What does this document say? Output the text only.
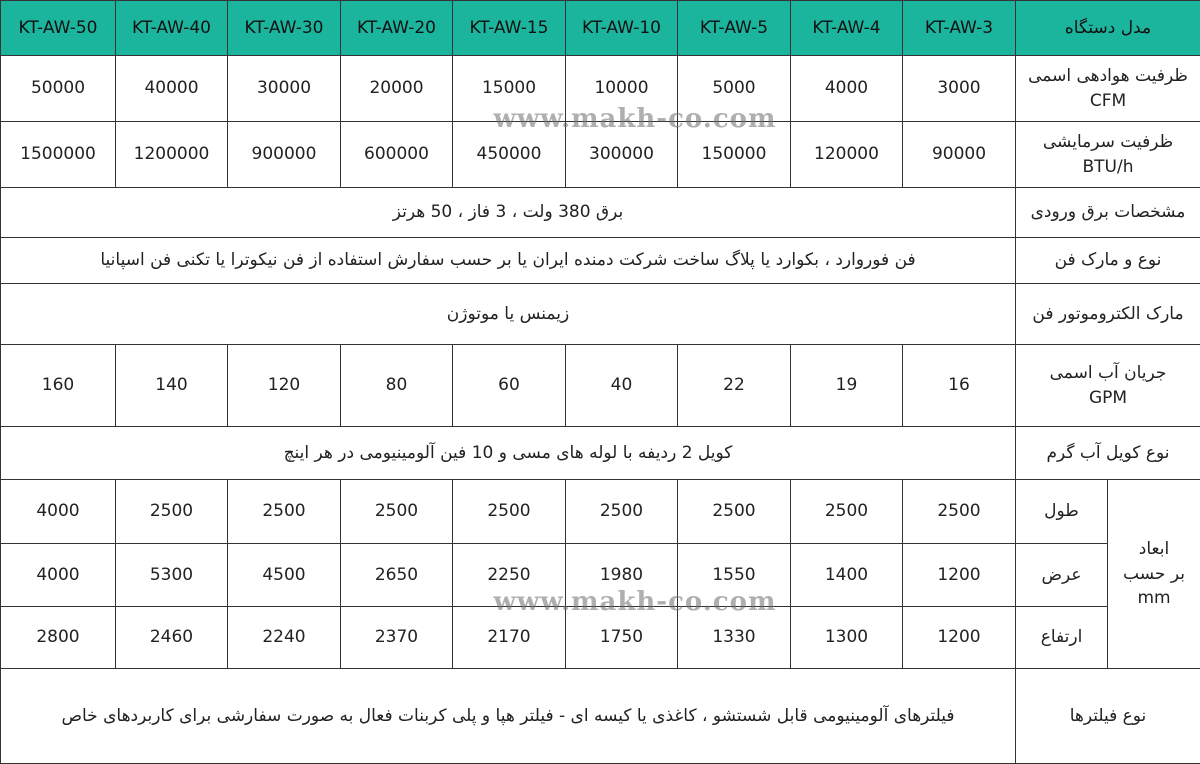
مدل دستگاه		KT-AW-3	KT-AW-4	KT-AW-5	KT-AW-10	KT-AW-15	KT-AW-20	KT-AW-30	KT-AW-40	KT-AW-50

ظرفیت هوادهی اسمی
CFM		3000	4000	5000	10000	15000	20000	30000	40000	50000

ظرفیت سرمایشی
BTU/h		90000	120000	150000	300000	450000	600000	900000	1200000	1500000
مشخصات برق ورودی		برق 380 ولت ، 3 فاز ، 50 هرتز								
نوع و مارک فن		فن فوروارد ، بکوارد یا پلاگ ساخت شرکت دمنده ایران یا بر حسب سفارش استفاده از فن نیکوترا یا تکنی فن اسپانیا								
مارک الکتروموتور فن		زیمنس یا موتوژن								

جریان آب اسمی
GPM		16	19	22	40	60	80	120	140	160
نوع کویل آب گرم		کویل 2 ردیفه با لوله های مسی و 10 فین آلومینیومی در هر اینچ								

ابعاد
بر حسب
mm	طول	2500	2500	2500	2500	2500	2500	2500	2500	4000
	عرض	1200	1400	1550	1980	2250	2650	4500	5300	4000
	ارتفاع	1200	1300	1330	1750	2170	2370	2240	2460	2800
نوع فیلترها		فیلترهای آلومینیومی قابل شستشو ، کاغذی یا کیسه ای - فیلتر هپا و پلی کربنات فعال به صورت سفارشی برای کاربردهای خاص								
www.makh-co.com
www.makh-co.com
